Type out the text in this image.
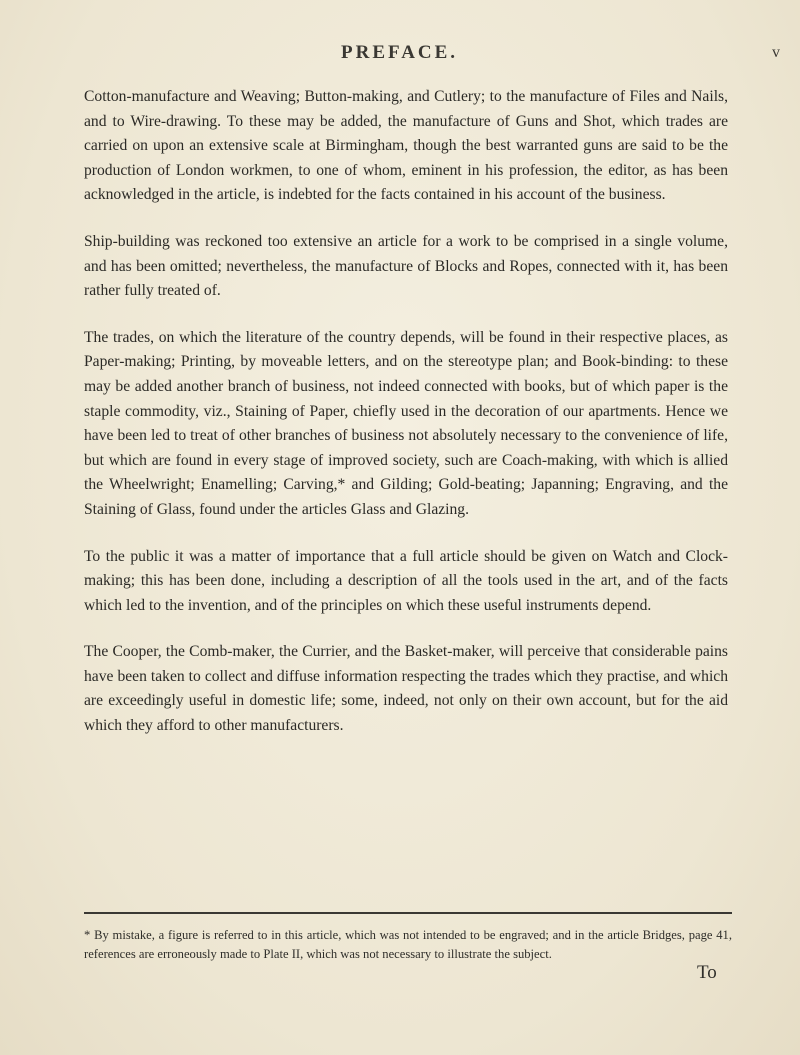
PREFACE.	v

Cotton-manufacture and Weaving; Button-making, and Cutlery; to the manufacture of Files and Nails, and to Wire-drawing. To these may be added, the manufacture of Guns and Shot, which trades are carried on upon an extensive scale at Birmingham, though the best warranted guns are said to be the production of London workmen, to one of whom, eminent in his profession, the editor, as has been acknowledged in the article, is indebted for the facts contained in his account of the business.

Ship-building was reckoned too extensive an article for a work to be comprised in a single volume, and has been omitted; nevertheless, the manufacture of Blocks and Ropes, connected with it, has been rather fully treated of.

The trades, on which the literature of the country depends, will be found in their respective places, as Paper-making; Printing, by moveable letters, and on the stereotype plan; and Book-binding: to these may be added another branch of business, not indeed connected with books, but of which paper is the staple commodity, viz., Staining of Paper, chiefly used in the decoration of our apartments. Hence we have been led to treat of other branches of business not absolutely necessary to the convenience of life, but which are found in every stage of improved society, such are Coach-making, with which is allied the Wheelwright; Enamelling; Carving,* and Gilding; Gold-beating; Japanning; Engraving, and the Staining of Glass, found under the articles Glass and Glazing.

To the public it was a matter of importance that a full article should be given on Watch and Clock-making; this has been done, including a description of all the tools used in the art, and of the facts which led to the invention, and of the principles on which these useful instruments depend.

The Cooper, the Comb-maker, the Currier, and the Basket-maker, will perceive that considerable pains have been taken to collect and diffuse information respecting the trades which they practise, and which are exceedingly useful in domestic life; some, indeed, not only on their own account, but for the aid which they afford to other manufacturers.

* By mistake, a figure is referred to in this article, which was not intended to be engraved; and in the article Bridges, page 41, references are erroneously made to Plate II, which was not necessary to illustrate the subject.
To
